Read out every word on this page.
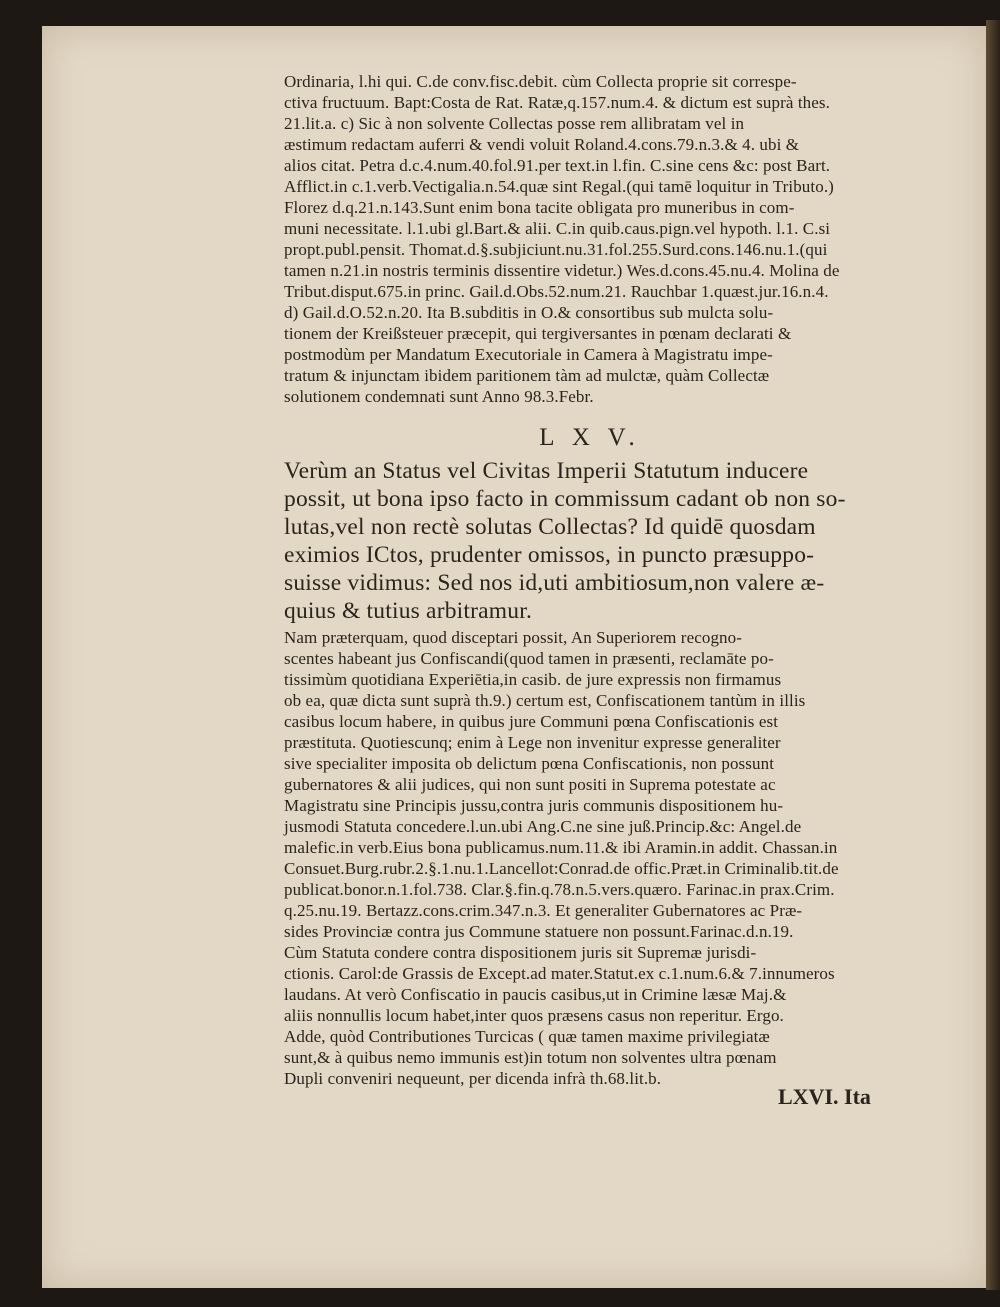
Ordinaria, l.hi qui. C.de conv.fisc.debit. cùm Collecta proprie sit correspe-
ctiva fructuum. Bapt:Costa de Rat. Ratæ,q.157.num.4. & dictum est suprà thes.
21.lit.a. c) Sic à non solvente Collectas posse rem allibratam vel in
æstimum redactam auferri & vendi voluit Roland.4.cons.79.n.3.& 4. ubi &
alios citat. Petra d.c.4.num.40.fol.91.per text.in l.fin. C.sine cens &c: post Bart.
Afflict.in c.1.verb.Vectigalia.n.54.quæ sint Regal.(qui tamē loquitur in Tributo.)
Florez d.q.21.n.143.Sunt enim bona tacite obligata pro muneribus in com-
muni necessitate. l.1.ubi gl.Bart.& alii. C.in quib.caus.pign.vel hypoth. l.1. C.si
propt.publ.pensit. Thomat.d.§.subjiciunt.nu.31.fol.255.Surd.cons.146.nu.1.(qui
tamen n.21.in nostris terminis dissentire videtur.) Wes.d.cons.45.nu.4. Molina de
Tribut.disput.675.in princ. Gail.d.Obs.52.num.21. Rauchbar 1.quæst.jur.16.n.4.
d) Gail.d.O.52.n.20. Ita B.subditis in O.& consortibus sub mulcta solu-
tionem der Kreißsteuer præcepit, qui tergiversantes in pœnam declarati &
postmodùm per Mandatum Executoriale in Camera à Magistratu impe-
tratum & injunctam ibidem paritionem tàm ad mulctæ, quàm Collectæ
solutionem condemnati sunt Anno 98.3.Febr.
L X V.
Verùm an Status vel Civitas Imperii Statutum inducere
possit, ut bona ipso facto in commissum cadant ob non so-
lutas,vel non rectè solutas Collectas? Id quidē quosdam
eximios ICtos, prudenter omissos, in puncto præsuppo-
suisse vidimus: Sed nos id,uti ambitiosum,non valere æ-
quius & tutius arbitramur.
Nam præterquam, quod disceptari possit, An Superiorem recogno-
scentes habeant jus Confiscandi(quod tamen in præsenti, reclamāte po-
tissimùm quotidiana Experiētia,in casib. de jure expressis non firmamus
ob ea, quæ dicta sunt suprà th.9.) certum est, Confiscationem tantùm in illis
casibus locum habere, in quibus jure Communi pœna Confiscationis est
præstituta. Quotiescunq; enim à Lege non invenitur expresse generaliter
sive specialiter imposita ob delictum pœna Confiscationis, non possunt
gubernatores & alii judices, qui non sunt positi in Suprema potestate ac
Magistratu sine Principis jussu,contra juris communis dispositionem hu-
jusmodi Statuta concedere.l.un.ubi Ang.C.ne sine juß.Princip.&c: Angel.de
malefic.in verb.Eius bona publicamus.num.11.& ibi Aramin.in addit. Chassan.in
Consuet.Burg.rubr.2.§.1.nu.1.Lancellot:Conrad.de offic.Præt.in Criminalib.tit.de
publicat.bonor.n.1.fol.738. Clar.§.fin.q.78.n.5.vers.quæro. Farinac.in prax.Crim.
q.25.nu.19. Bertazz.cons.crim.347.n.3. Et generaliter Gubernatores ac Præ-
sides Provinciæ contra jus Commune statuere non possunt.Farinac.d.n.19.
Cùm Statuta condere contra dispositionem juris sit Supremæ jurisdi-
ctionis. Carol:de Grassis de Except.ad mater.Statut.ex c.1.num.6.& 7.innumeros
laudans. At verò Confiscatio in paucis casibus,ut in Crimine læsæ Maj.&
aliis nonnullis locum habet,inter quos præsens casus non reperitur. Ergo.
Adde, quòd Contributiones Turcicas ( quæ tamen maxime privilegiatæ
sunt,& à quibus nemo immunis est)in totum non solventes ultra pœnam
Dupli conveniri nequeunt, per dicenda infrà th.68.lit.b.
LXVI. Ita
